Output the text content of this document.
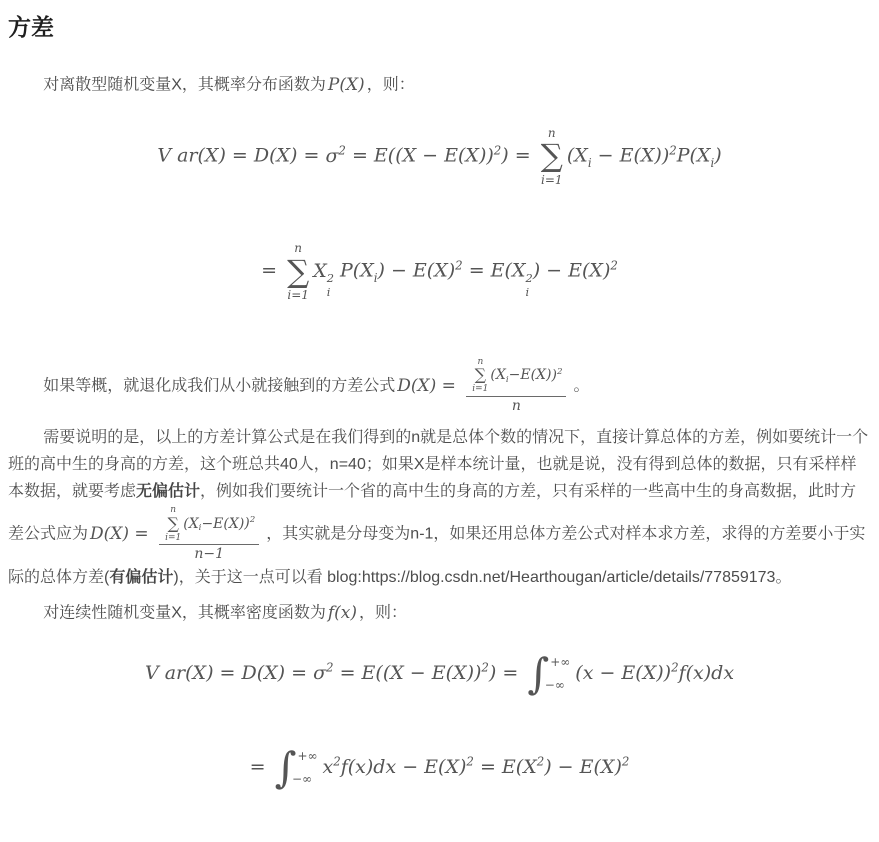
方差

对离散型随机变量X，其概率分布函数为 P(X) ，则：

V $ar(X) = D(X) = \sigma^2 = E((X - E(X))^2)$ =
n
∑
i=1
$(X_i - E(X))^2P(X_i)$
=
n
∑
i=1
X 2
i
$P(X_i) - E(X)^2 = E(X$ 2
i
) − $E(X)^2$

如果等概，就退化成我们从小就接触到的方差公式 D(X) = n
∑
i=1
(X $_i$ −E(X) )$^2$
n 。

需要说明的是，以上的方差计算公式是在我们得到的n就是总体个数的情况下，直接计算总体的方差，例如要统计一个班的高中生的身高的方差，这个班总共40人，n=40；如果X是样本统计量，也就是说，没有得到总体的数据，只有采样样本数据，就要考虑无偏估计，例如我们要统计一个省的高中生的身高的方差，只有采样的一些高中生的身高数据，此时方差公式应为 D(X) = n
∑
i=1
(X $_i$ −E(X) )$^2$
n−1 ，其实就是分母变为n-1，如果还用总体方差公式对样本求方差，求得的方差要小于实际的总体方差(有偏估计)，关于这一点可以看 blog:https://blog.csdn.net/Hearthougan/article/details/77859173。

对连续性随机变量X，其概率密度函数为 f(x) ，则：

V $ar(X) = D(X) = \sigma^2 = E((X - E(X))^2)$ = ∫ +∞
−∞
$(x - E(X))^2f(x)dx$
= ∫ +∞
−∞
$x^2f(x)dx - E(X)^2 = E(X^2) - E(X)^2$
